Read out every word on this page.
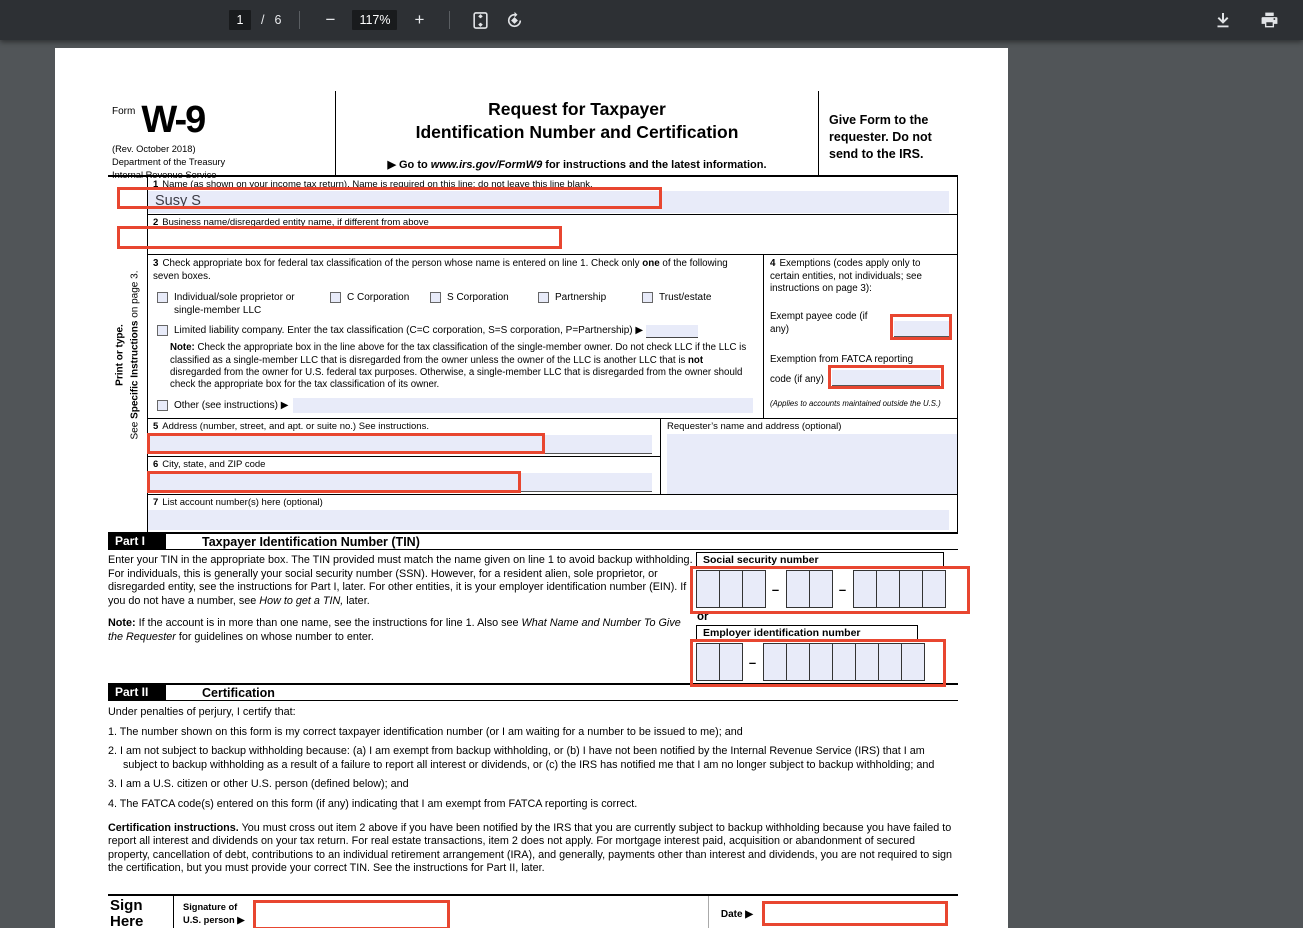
1	/ 6	−	117%	+
Form W-9
(Rev. October 2018)
Department of the Treasury
Internal Revenue Service
Request for Taxpayer
Identification Number and Certification
▶ Go to www.irs.gov/FormW9 for instructions and the latest information.
Give Form to the requester. Do not send to the IRS.
Print or type.
See Specific Instructions on page 3.
1 Name (as shown on your income tax return). Name is required on this line; do not leave this line blank.
Susy S
2 Business name/disregarded entity name, if different from above
3 Check appropriate box for federal tax classification of the person whose name is entered on line 1. Check only one of the following seven boxes.
Individual/sole proprietor or single-member LLC
C Corporation	S Corporation	Partnership	Trust/estate
Limited liability company. Enter the tax classification (C=C corporation, S=S corporation, P=Partnership) ▶
Note: Check the appropriate box in the line above for the tax classification of the single-member owner. Do not check LLC if the LLC is classified as a single-member LLC that is disregarded from the owner unless the owner of the LLC is another LLC that is not disregarded from the owner for U.S. federal tax purposes. Otherwise, a single-member LLC that is disregarded from the owner should check the appropriate box for the tax classification of its owner.
Other (see instructions) ▶
4 Exemptions (codes apply only to certain entities, not individuals; see instructions on page 3):
Exempt payee code (if any)
Exemption from FATCA reporting
code (if any)
(Applies to accounts maintained outside the U.S.)
5 Address (number, street, and apt. or suite no.) See instructions.
6 City, state, and ZIP code
Requester’s name and address (optional)
7 List account number(s) here (optional)
Part I	Taxpayer Identification Number (TIN)
Enter your TIN in the appropriate box. The TIN provided must match the name given on line 1 to avoid backup withholding. For individuals, this is generally your social security number (SSN). However, for a resident alien, sole proprietor, or disregarded entity, see the instructions for Part I, later. For other entities, it is your employer identification number (EIN). If you do not have a number, see How to get a TIN, later.
Note: If the account is in more than one name, see the instructions for line 1. Also see What Name and Number To Give the Requester for guidelines on whose number to enter.
Social security number
–	–
or
Employer identification number
–
Part II	Certification
Under penalties of perjury, I certify that:
1. The number shown on this form is my correct taxpayer identification number (or I am waiting for a number to be issued to me); and
2. I am not subject to backup withholding because: (a) I am exempt from backup withholding, or (b) I have not been notified by the Internal Revenue Service (IRS) that I am subject to backup withholding as a result of a failure to report all interest or dividends, or (c) the IRS has notified me that I am no longer subject to backup withholding; and
3. I am a U.S. citizen or other U.S. person (defined below); and
4. The FATCA code(s) entered on this form (if any) indicating that I am exempt from FATCA reporting is correct.
Certification instructions. You must cross out item 2 above if you have been notified by the IRS that you are currently subject to backup withholding because you have failed to report all interest and dividends on your tax return. For real estate transactions, item 2 does not apply. For mortgage interest paid, acquisition or abandonment of secured property, cancellation of debt, contributions to an individual retirement arrangement (IRA), and generally, payments other than interest and dividends, you are not required to sign the certification, but you must provide your correct TIN. See the instructions for Part II, later.
Sign
Here
Signature of
U.S. person ▶	Date ▶
